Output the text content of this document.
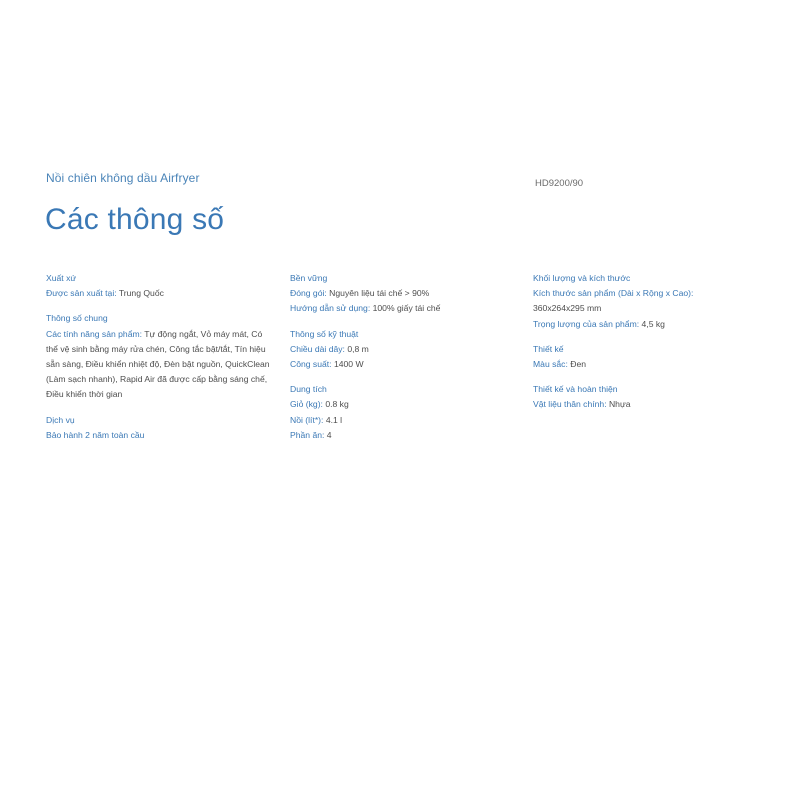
Nồi chiên không dầu Airfryer	HD9200/90
Các thông số
Xuất xứ

Được sản xuất tại: Trung Quốc

Thông số chung

Các tính năng sản phẩm: Tự động ngắt, Vỏ máy mát, Có thể vệ sinh bằng máy rửa chén, Công tắc bật/tắt, Tín hiệu sẵn sàng, Điều khiển nhiệt độ, Đèn bật nguồn, QuickClean (Làm sạch nhanh), Rapid Air đã được cấp bằng sáng chế, Điều khiển thời gian

Dịch vụ

Bảo hành 2 năm toàn cầu

Bền vững

Đóng gói: Nguyên liệu tái chế > 90%

Hướng dẫn sử dụng: 100% giấy tái chế

Thông số kỹ thuật

Chiều dài dây: 0,8 m

Công suất: 1400 W

Dung tích

Giỏ (kg): 0.8 kg

Nồi (lít*): 4.1 l

Phần ăn: 4

Khối lượng và kích thước

Kích thước sản phẩm (Dài x Rộng x Cao):
360x264x295 mm

Trọng lượng của sản phẩm: 4,5 kg

Thiết kế

Màu sắc: Đen

Thiết kế và hoàn thiện

Vật liệu thân chính: Nhựa
